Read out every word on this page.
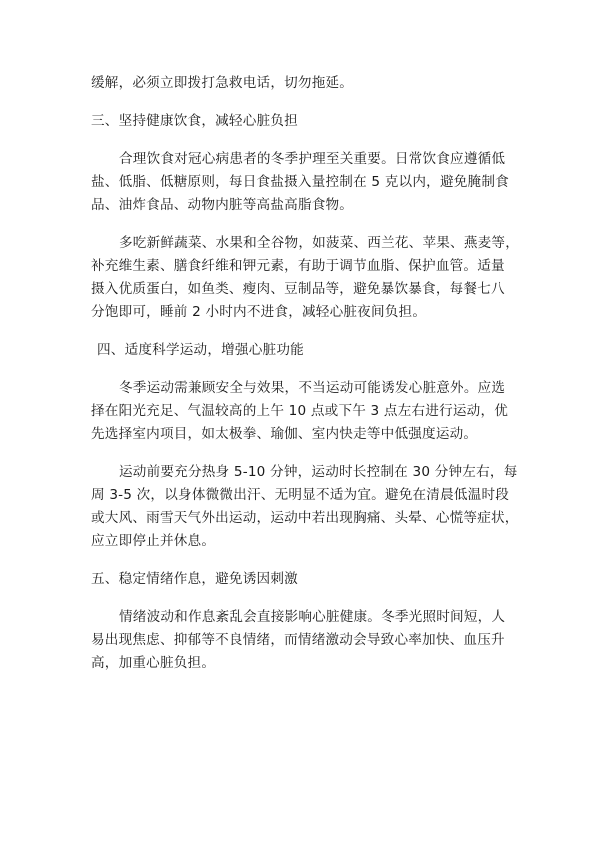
缓解，必须立即拨打急救电话，切勿拖延。
三、坚持健康饮食，减轻心脏负担
合理饮食对冠心病患者的冬季护理至关重要。日常饮食应遵循低
盐、低脂、低糖原则，每日食盐摄入量控制在 5 克以内，避免腌制食
品、油炸食品、动物内脏等高盐高脂食物。
多吃新鲜蔬菜、水果和全谷物，如菠菜、西兰花、苹果、燕麦等，
补充维生素、膳食纤维和钾元素，有助于调节血脂、保护血管。适量
摄入优质蛋白，如鱼类、瘦肉、豆制品等，避免暴饮暴食，每餐七八
分饱即可，睡前 2 小时内不进食，减轻心脏夜间负担。
四、适度科学运动，增强心脏功能
冬季运动需兼顾安全与效果，不当运动可能诱发心脏意外。应选
择在阳光充足、气温较高的上午 10 点或下午 3 点左右进行运动，优
先选择室内项目，如太极拳、瑜伽、室内快走等中低强度运动。
运动前要充分热身 5-10 分钟，运动时长控制在 30 分钟左右，每
周 3-5 次，以身体微微出汗、无明显不适为宜。避免在清晨低温时段
或大风、雨雪天气外出运动，运动中若出现胸痛、头晕、心慌等症状，
应立即停止并休息。
五、稳定情绪作息，避免诱因刺激
情绪波动和作息紊乱会直接影响心脏健康。冬季光照时间短，人
易出现焦虑、抑郁等不良情绪，而情绪激动会导致心率加快、血压升
高，加重心脏负担。
